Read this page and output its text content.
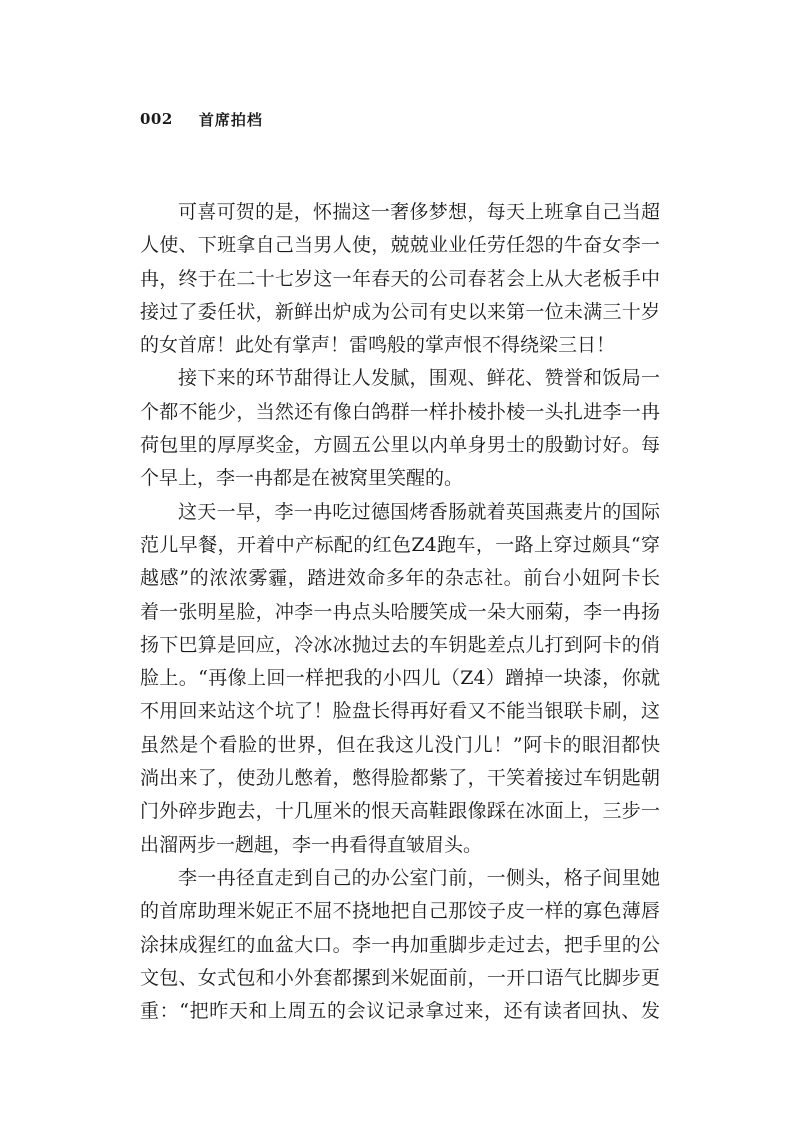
002 首席拍档
可喜可贺的是，怀揣这一奢侈梦想，每天上班拿自己当超
人使、下班拿自己当男人使，兢兢业业任劳任怨的牛奋女李一
冉，终于在二十七岁这一年春天的公司春茗会上从大老板手中
接过了委任状，新鲜出炉成为公司有史以来第一位未满三十岁
的女首席！此处有掌声！雷鸣般的掌声恨不得绕梁三日！
接下来的环节甜得让人发腻，围观、鲜花、赞誉和饭局一
个都不能少，当然还有像白鸽群一样扑棱扑棱一头扎进李一冉
荷包里的厚厚奖金，方圆五公里以内单身男士的殷勤讨好。每
个早上，李一冉都是在被窝里笑醒的。
这天一早，李一冉吃过德国烤香肠就着英国燕麦片的国际
范儿早餐，开着中产标配的红色Z4跑车，一路上穿过颇具“穿
越感”的浓浓雾霾，踏进效命多年的杂志社。前台小妞阿卡长
着一张明星脸，冲李一冉点头哈腰笑成一朵大丽菊，李一冉扬
扬下巴算是回应，冷冰冰抛过去的车钥匙差点儿打到阿卡的俏
脸上。“再像上回一样把我的小四儿（Z4）蹭掉一块漆，你就
不用回来站这个坑了！脸盘长得再好看又不能当银联卡刷，这
虽然是个看脸的世界，但在我这儿没门儿！”阿卡的眼泪都快
淌出来了，使劲儿憋着，憋得脸都紫了，干笑着接过车钥匙朝
门外碎步跑去，十几厘米的恨天高鞋跟像踩在冰面上，三步一
出溜两步一趔趄，李一冉看得直皱眉头。
李一冉径直走到自己的办公室门前，一侧头，格子间里她
的首席助理米妮正不屈不挠地把自己那饺子皮一样的寡色薄唇
涂抹成猩红的血盆大口。李一冉加重脚步走过去，把手里的公
文包、女式包和小外套都摞到米妮面前，一开口语气比脚步更
重：“把昨天和上周五的会议记录拿过来，还有读者回执、发
